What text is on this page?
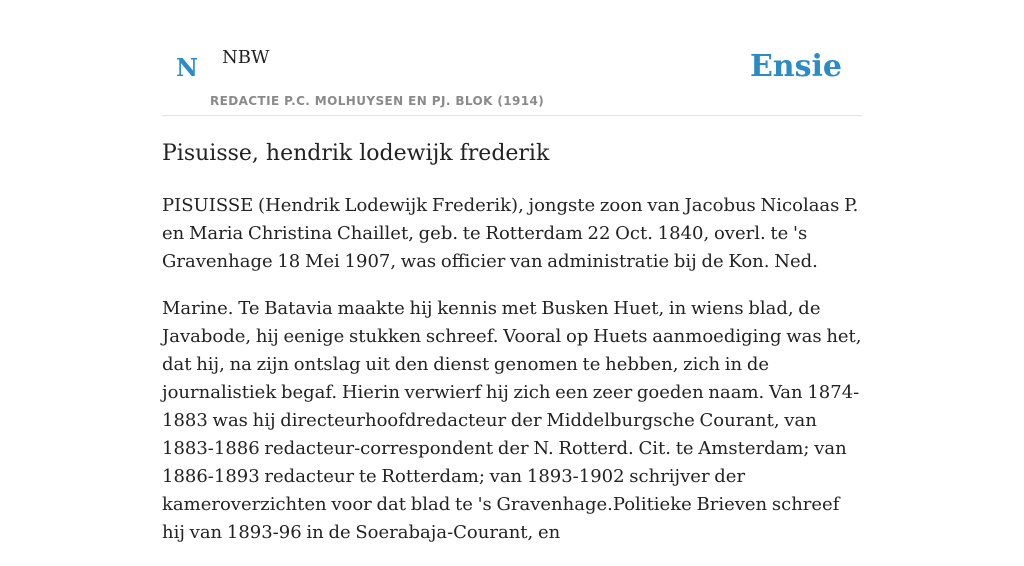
N NBW
REDACTIE P.C. MOLHUYSEN EN PJ. BLOK (1914)
Ensie
Pisuisse, hendrik lodewijk frederik

PISUISSE (Hendrik Lodewijk Frederik), jongste zoon van Jacobus Nicolaas P. en Maria Christina Chaillet, geb. te Rotterdam 22 Oct. 1840, overl. te 's Gravenhage 18 Mei 1907, was officier van administratie bij de Kon. Ned.

Marine. Te Batavia maakte hij kennis met Busken Huet, in wiens blad, de Javabode, hij eenige stukken schreef. Vooral op Huets aanmoediging was het, dat hij, na zijn ontslag uit den dienst genomen te hebben, zich in de journalistiek begaf. Hierin verwierf hij zich een zeer goeden naam. Van 1874-1883 was hij directeurhoofdredacteur der Middelburgsche Courant, van 1883-1886 redacteur-correspondent der N. Rotterd. Cit. te Amsterdam; van 1886-1893 redacteur te Rotterdam; van 1893-1902 schrijver der kameroverzichten voor dat blad te 's Gravenhage.Politieke Brieven schreef hij van 1893-96 in de Soerabaja-Courant, en
